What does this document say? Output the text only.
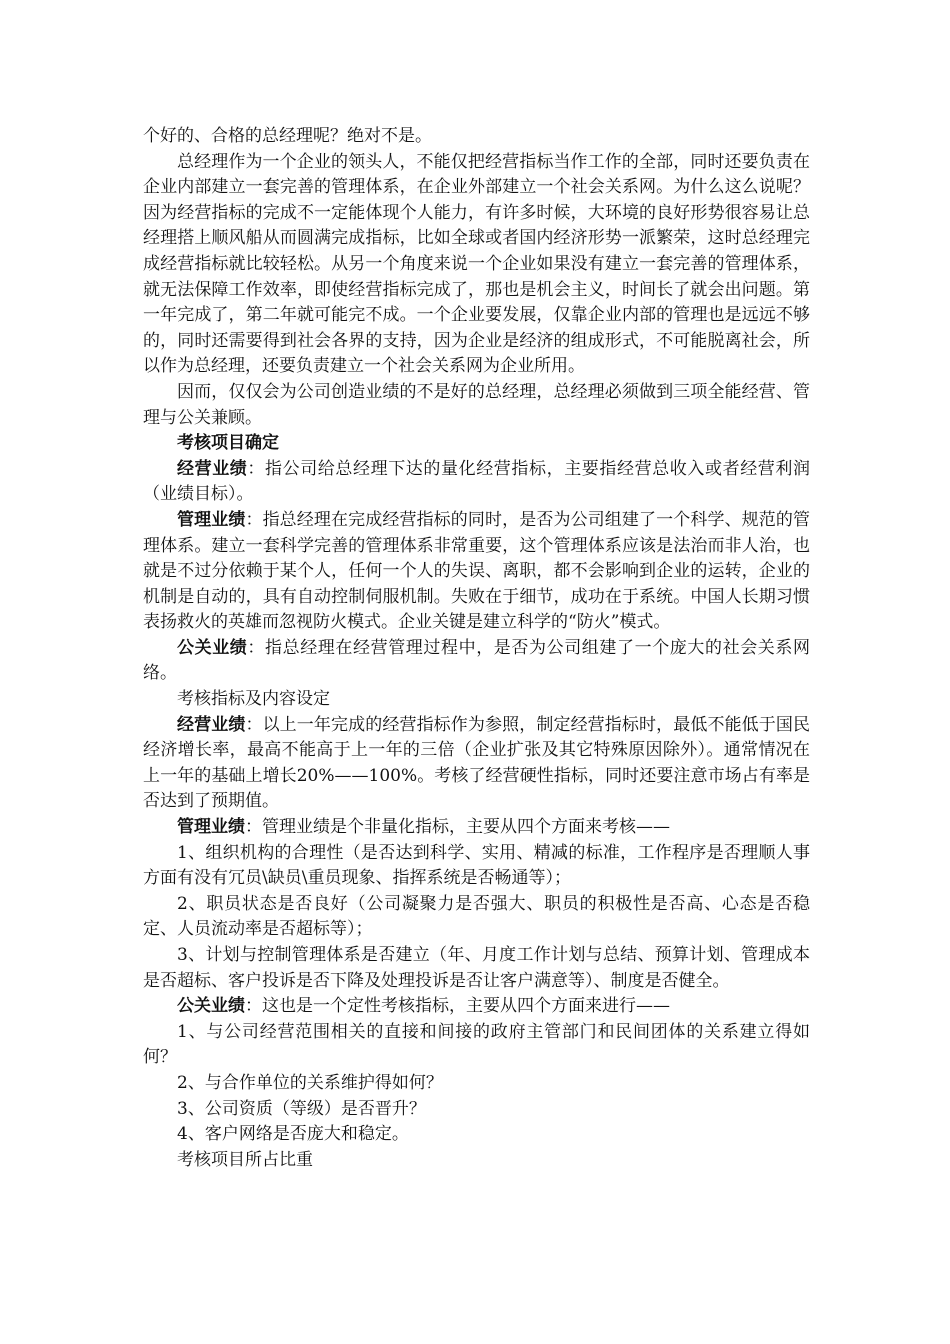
个好的、合格的总经理呢？绝对不是。

总经理作为一个企业的领头人，不能仅把经营指标当作工作的全部，同时还要负责在企业内部建立一套完善的管理体系，在企业外部建立一个社会关系网。为什么这么说呢？因为经营指标的完成不一定能体现个人能力，有许多时候，大环境的良好形势很容易让总经理搭上顺风船从而圆满完成指标，比如全球或者国内经济形势一派繁荣，这时总经理完成经营指标就比较轻松。从另一个角度来说一个企业如果没有建立一套完善的管理体系，就无法保障工作效率，即使经营指标完成了，那也是机会主义，时间长了就会出问题。第一年完成了，第二年就可能完不成。一个企业要发展，仅靠企业内部的管理也是远远不够的，同时还需要得到社会各界的支持，因为企业是经济的组成形式，不可能脱离社会，所以作为总经理，还要负责建立一个社会关系网为企业所用。

因而，仅仅会为公司创造业绩的不是好的总经理，总经理必须做到三项全能经营、管理与公关兼顾。

考核项目确定

经营业绩：指公司给总经理下达的量化经营指标，主要指经营总收入或者经营利润（业绩目标）。

管理业绩：指总经理在完成经营指标的同时，是否为公司组建了一个科学、规范的管理体系。建立一套科学完善的管理体系非常重要，这个管理体系应该是法治而非人治，也就是不过分依赖于某个人，任何一个人的失误、离职，都不会影响到企业的运转，企业的机制是自动的，具有自动控制伺服机制。失败在于细节，成功在于系统。中国人长期习惯表扬救火的英雄而忽视防火模式。企业关键是建立科学的“防火”模式。

公关业绩：指总经理在经营管理过程中，是否为公司组建了一个庞大的社会关系网络。

考核指标及内容设定

经营业绩：以上一年完成的经营指标作为参照，制定经营指标时，最低不能低于国民经济增长率，最高不能高于上一年的三倍（企业扩张及其它特殊原因除外）。通常情况在上一年的基础上增长20%——100%。考核了经营硬性指标，同时还要注意市场占有率是否达到了预期值。

管理业绩：管理业绩是个非量化指标，主要从四个方面来考核——

1、组织机构的合理性（是否达到科学、实用、精减的标准，工作程序是否理顺人事方面有没有冗员\缺员\重员现象、指挥系统是否畅通等）；

2、职员状态是否良好（公司凝聚力是否强大、职员的积极性是否高、心态是否稳定、人员流动率是否超标等）；

3、计划与控制管理体系是否建立（年、月度工作计划与总结、预算计划、管理成本是否超标、客户投诉是否下降及处理投诉是否让客户满意等）、制度是否健全。

公关业绩：这也是一个定性考核指标，主要从四个方面来进行——

1、与公司经营范围相关的直接和间接的政府主管部门和民间团体的关系建立得如何？

2、与合作单位的关系维护得如何？

3、公司资质（等级）是否晋升？

4、客户网络是否庞大和稳定。

考核项目所占比重
